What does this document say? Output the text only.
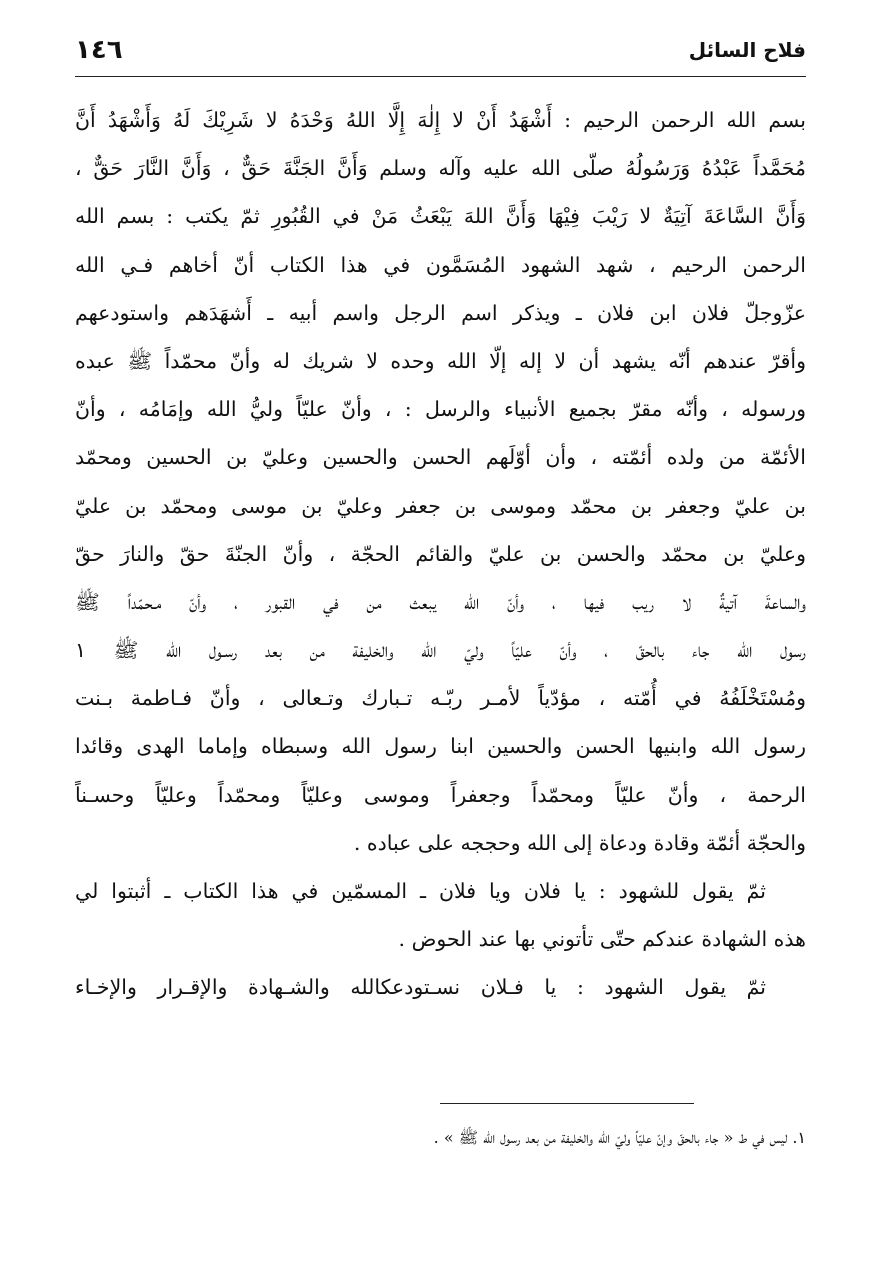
فلاح السائل
١٤٦
بسم الله الرحمن الرحيم : أَشْهَدُ أَنْ لا إِلٰهَ إِلَّا اللهُ وَحْدَهُ لا شَرِيْكَ لَهُ وَأَشْهَدُ أَنَّ
مُحَمَّداً عَبْدُهُ وَرَسُولُهُ صلّى الله عليه وآله وسلم وَأَنَّ الجَنَّةَ حَقٌّ ، وَأَنَّ النَّارَ حَقٌّ ،
وَأَنَّ السَّاعَةَ آتِيَةٌ لا رَيْبَ فِيْهَا وَأَنَّ اللهَ يَبْعَثُ مَنْ في القُبُورِ ثمّ يكتب : بسم الله
الرحمن الرحيم ، شهد الشهود المُسَمَّون في هذا الكتاب أنّ أخاهم فـي الله
عزّوجلّ فلان ابن فلان ـ ويذكر اسم الرجل واسم أبيه ـ أَشهَدَهم واستودعهم
وأقرّ عندهم أنّه يشهد أن لا إله إلّا الله وحده لا شريك له وأنّ محمّداً ﷺ عبده
ورسوله ، وأنّه مقرّ بجميع الأنبياء والرسل : ، وأنّ عليّاً وليُّ الله وإمَامُه ، وأنّ
الأئمّة من ولده أئمّته ، وأن أوّلَهم الحسن والحسين وعليّ بن الحسين ومحمّد
بن عليّ وجعفر بن محمّد وموسى بن جعفر وعليّ بن موسى ومحمّد بن عليّ
وعليّ بن محمّد والحسن بن عليّ والقائم الحجّة ، وأنّ الجنّةَ حقّ والنارَ حقّ
والساعةَ آتيةٌ لا ريب فيها ، وأنّ الله يبعث من في القبور ، وأنّ مـحمّداً ﷺ
رسول الله جاء بالحقّ ، وأنّ عليّاً وليّ الله والخليفة من بعد رسـول الله ﷺ ١
ومُسْتَخْلَفُهُ في أُمّته ، مؤدّياً لأمـر ربّـه تـبارك وتـعالى ، وأنّ فـاطمة بـنت
رسول الله وابنيها الحسن والحسين ابنا رسول الله وسبطاه وإماما الهدى وقائدا
الرحمة ، وأنّ عليّاً ومحمّداً وجعفراً وموسى وعليّاً ومحمّداً وعليّاً وحسـناً
والحجّة أئمّة وقادة ودعاة إلى الله وحججه على عباده .
ثمّ يقول للشهود : يا فلان ويا فلان ـ المسمّين في هذا الكتاب ـ أثبتوا لي
هذه الشهادة عندكم حتّى تأتوني بها عند الحوض .
ثمّ يقول الشهود : يا فـلان نسـتودعكالله والشـهادة والإقـرار والإخـاء
١. ليس في ط « جاء بالحقّ وإنّ عليّاً وليّ الله والخليفة من بعد رسول الله ﷺ » .
